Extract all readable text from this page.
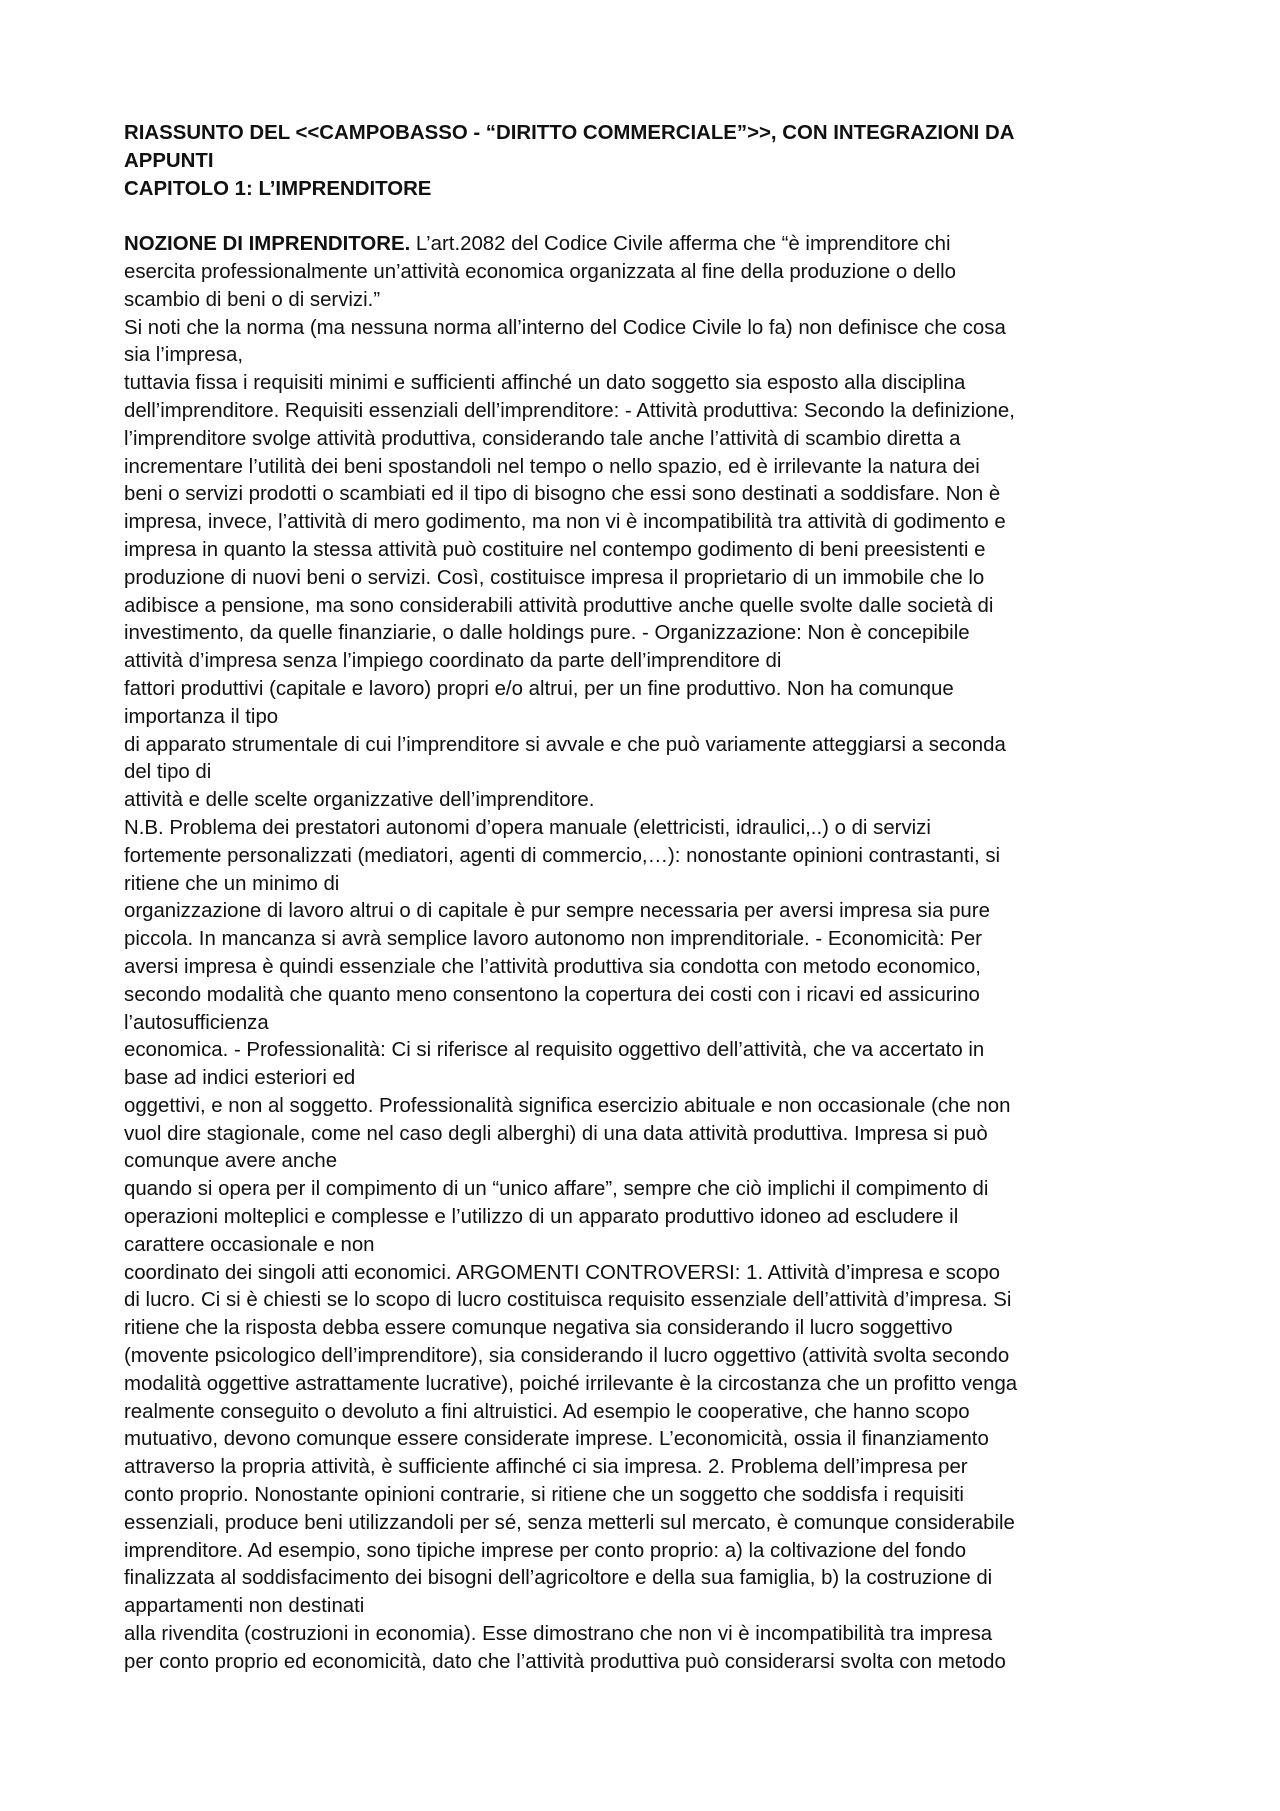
RIASSUNTO DEL <<CAMPOBASSO - “DIRITTO COMMERCIALE”>>, CON INTEGRAZIONI DA

APPUNTI

CAPITOLO 1: L’IMPRENDITORE

NOZIONE DI IMPRENDITORE. L’art.2082 del Codice Civile afferma che “è imprenditore chi

esercita professionalmente un’attività economica organizzata al fine della produzione o dello

scambio di beni o di servizi.”

Si noti che la norma (ma nessuna norma all’interno del Codice Civile lo fa) non definisce che cosa

sia l’impresa,

tuttavia fissa i requisiti minimi e sufficienti affinché un dato soggetto sia esposto alla disciplina

dell’imprenditore. Requisiti essenziali dell’imprenditore: - Attività produttiva: Secondo la definizione,

l’imprenditore svolge attività produttiva, considerando tale anche l’attività di scambio diretta a

incrementare l’utilità dei beni spostandoli nel tempo o nello spazio, ed è irrilevante la natura dei

beni o servizi prodotti o scambiati ed il tipo di bisogno che essi sono destinati a soddisfare. Non è

impresa, invece, l’attività di mero godimento, ma non vi è incompatibilità tra attività di godimento e

impresa in quanto la stessa attività può costituire nel contempo godimento di beni preesistenti e

produzione di nuovi beni o servizi. Così, costituisce impresa il proprietario di un immobile che lo

adibisce a pensione, ma sono considerabili attività produttive anche quelle svolte dalle società di

investimento, da quelle finanziarie, o dalle holdings pure. - Organizzazione: Non è concepibile

attività d’impresa senza l’impiego coordinato da parte dell’imprenditore di

fattori produttivi (capitale e lavoro) propri e/o altrui, per un fine produttivo. Non ha comunque

importanza il tipo

di apparato strumentale di cui l’imprenditore si avvale e che può variamente atteggiarsi a seconda

del tipo di

attività e delle scelte organizzative dell’imprenditore.

N.B. Problema dei prestatori autonomi d’opera manuale (elettricisti, idraulici,..) o di servizi

fortemente personalizzati (mediatori, agenti di commercio,…): nonostante opinioni contrastanti, si

ritiene che un minimo di

organizzazione di lavoro altrui o di capitale è pur sempre necessaria per aversi impresa sia pure

piccola. In mancanza si avrà semplice lavoro autonomo non imprenditoriale. - Economicità: Per

aversi impresa è quindi essenziale che l’attività produttiva sia condotta con metodo economico,

secondo modalità che quanto meno consentono la copertura dei costi con i ricavi ed assicurino

l’autosufficienza

economica. - Professionalità: Ci si riferisce al requisito oggettivo dell’attività, che va accertato in

base ad indici esteriori ed

oggettivi, e non al soggetto. Professionalità significa esercizio abituale e non occasionale (che non

vuol dire stagionale, come nel caso degli alberghi) di una data attività produttiva. Impresa si può

comunque avere anche

quando si opera per il compimento di un “unico affare”, sempre che ciò implichi il compimento di

operazioni molteplici e complesse e l’utilizzo di un apparato produttivo idoneo ad escludere il

carattere occasionale e non

coordinato dei singoli atti economici. ARGOMENTI CONTROVERSI: 1. Attività d’impresa e scopo

di lucro. Ci si è chiesti se lo scopo di lucro costituisca requisito essenziale dell’attività d’impresa. Si

ritiene che la risposta debba essere comunque negativa sia considerando il lucro soggettivo

(movente psicologico dell’imprenditore), sia considerando il lucro oggettivo (attività svolta secondo

modalità oggettive astrattamente lucrative), poiché irrilevante è la circostanza che un profitto venga

realmente conseguito o devoluto a fini altruistici. Ad esempio le cooperative, che hanno scopo

mutuativo, devono comunque essere considerate imprese. L’economicità, ossia il finanziamento

attraverso la propria attività, è sufficiente affinché ci sia impresa. 2. Problema dell’impresa per

conto proprio. Nonostante opinioni contrarie, si ritiene che un soggetto che soddisfa i requisiti

essenziali, produce beni utilizzandoli per sé, senza metterli sul mercato, è comunque considerabile

imprenditore. Ad esempio, sono tipiche imprese per conto proprio: a) la coltivazione del fondo

finalizzata al soddisfacimento dei bisogni dell’agricoltore e della sua famiglia, b) la costruzione di

appartamenti non destinati

alla rivendita (costruzioni in economia). Esse dimostrano che non vi è incompatibilità tra impresa

per conto proprio ed economicità, dato che l’attività produttiva può considerarsi svolta con metodo
